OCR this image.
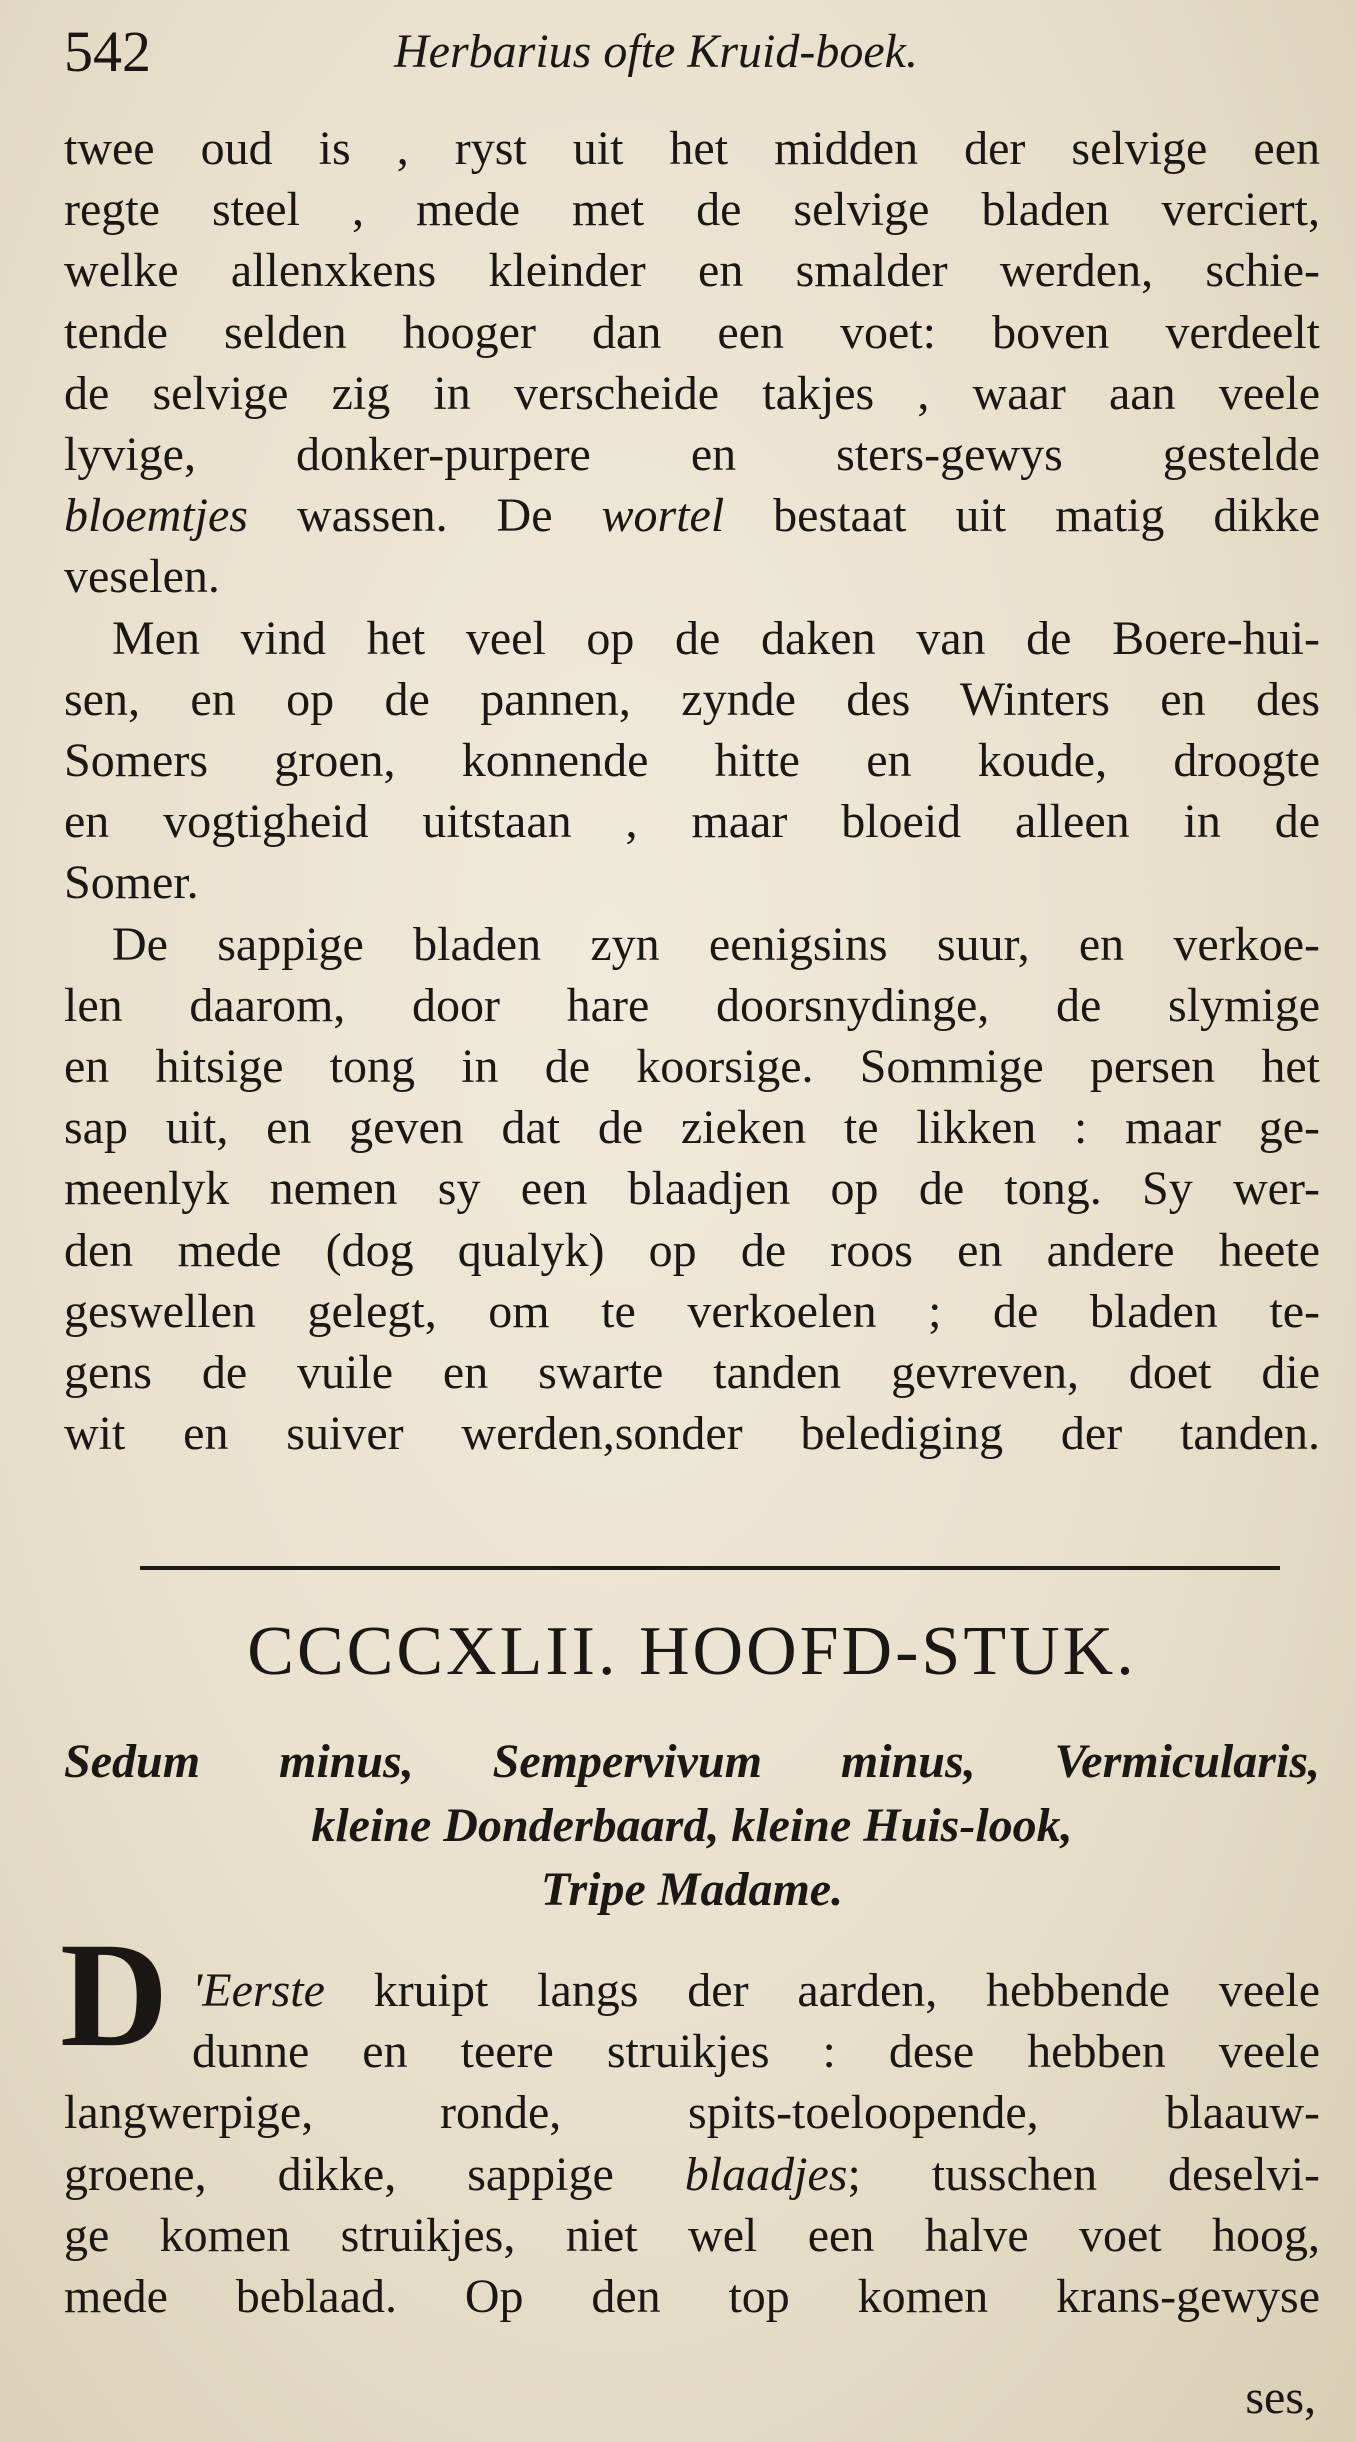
542	Herbarius ofte Kruid-boek.
twee oud is , ryst uit het midden der selvige een
regte steel , mede met de selvige bladen verciert,
welke allenxkens kleinder en smalder werden, schie-
tende selden hooger dan een voet: boven verdeelt
de selvige zig in verscheide takjes , waar aan veele
lyvige, donker-purpere en sters-gewys gestelde
bloemtjes wassen. De wortel bestaat uit matig dikke
veselen.
Men vind het veel op de daken van de Boere-hui-
sen, en op de pannen, zynde des Winters en des
Somers groen, konnende hitte en koude, droogte
en vogtigheid uitstaan , maar bloeid alleen in de
Somer.
De sappige bladen zyn eenigsins suur, en verkoe-
len daarom, door hare doorsnydinge, de slymige
en hitsige tong in de koorsige. Sommige persen het
sap uit, en geven dat de zieken te likken : maar ge-
meenlyk nemen sy een blaadjen op de tong. Sy wer-
den mede (dog qualyk) op de roos en andere heete
geswellen gelegt, om te verkoelen ; de bladen te-
gens de vuile en swarte tanden gevreven, doet die
wit en suiver werden,sonder belediging der tanden.
CCCCXLII. HOOFD-STUK.
Sedum minus, Sempervivum minus, Vermicularis,
kleine Donderbaard, kleine Huis-look,
Tripe Madame.
D 'Eerste kruipt langs der aarden, hebbende veele
dunne en teere struikjes : dese hebben veele
langwerpige, ronde, spits-toeloopende, blaauw-
groene, dikke, sappige blaadjes; tusschen deselvi-
ge komen struikjes, niet wel een halve voet hoog,
mede beblaad. Op den top komen krans-gewyse
ses,
